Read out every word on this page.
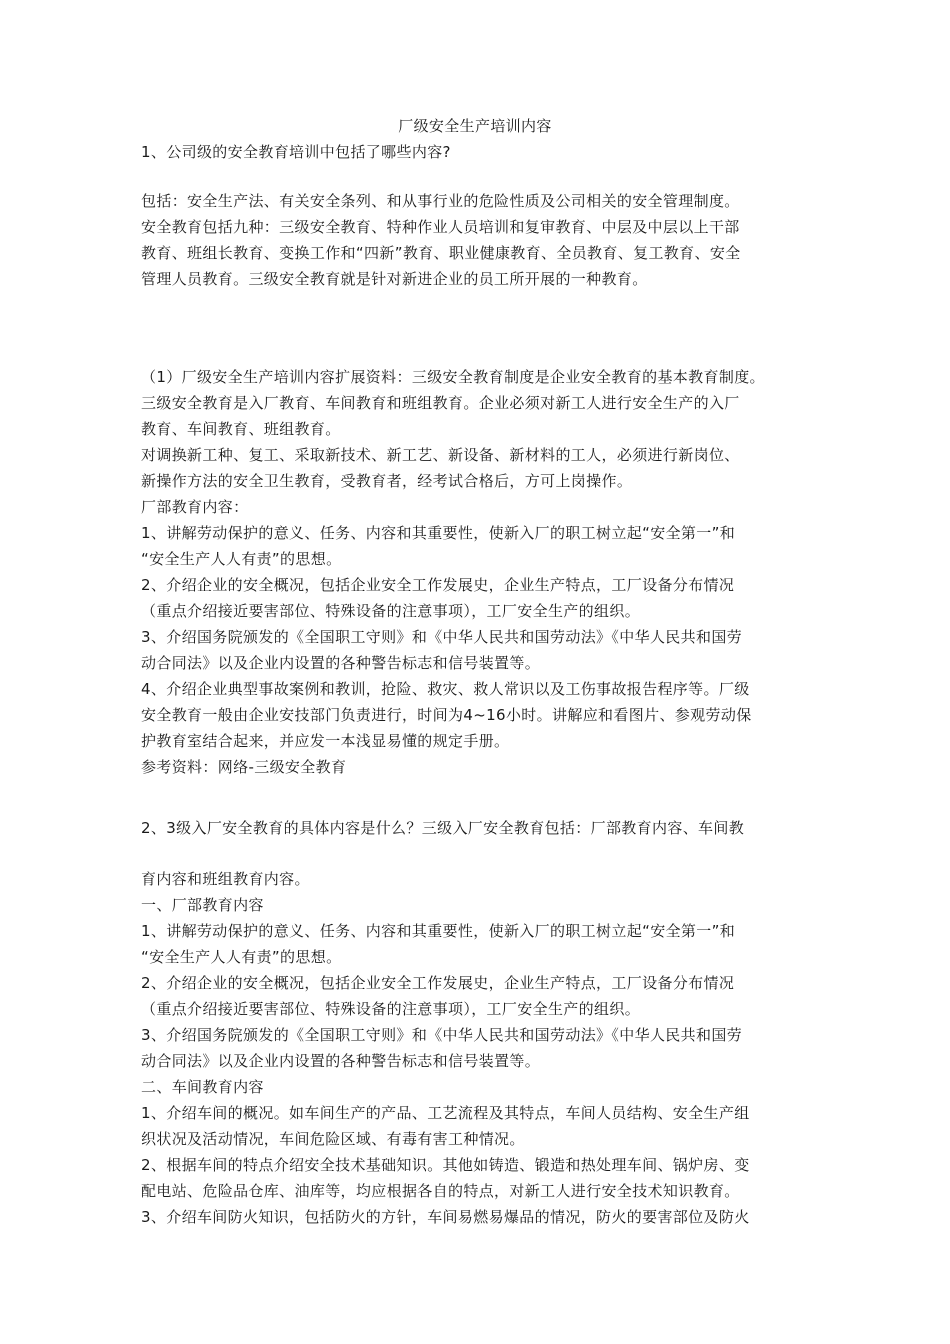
厂级安全生产培训内容
1、公司级的安全教育培训中包括了哪些内容?
包括：安全生产法、有关安全条列、和从事行业的危险性质及公司相关的安全管理制度。
安全教育包括九种：三级安全教育、特种作业人员培训和复审教育、中层及中层以上干部
教育、班组长教育、变换工作和“四新”教育、职业健康教育、全员教育、复工教育、安全
管理人员教育。三级安全教育就是针对新进企业的员工所开展的一种教育。
（1）厂级安全生产培训内容扩展资料：三级安全教育制度是企业安全教育的基本教育制度。
三级安全教育是入厂教育、车间教育和班组教育。企业必须对新工人进行安全生产的入厂
教育、车间教育、班组教育。
对调换新工种、复工、采取新技术、新工艺、新设备、新材料的工人，必须进行新岗位、
新操作方法的安全卫生教育，受教育者，经考试合格后，方可上岗操作。
厂部教育内容：
1、讲解劳动保护的意义、任务、内容和其重要性，使新入厂的职工树立起“安全第一”和
“安全生产人人有责”的思想。
2、介绍企业的安全概况，包括企业安全工作发展史，企业生产特点，工厂设备分布情况
（重点介绍接近要害部位、特殊设备的注意事项），工厂安全生产的组织。
3、介绍国务院颁发的《全国职工守则》和《中华人民共和国劳动法》《中华人民共和国劳
动合同法》以及企业内设置的各种警告标志和信号装置等。
4、介绍企业典型事故案例和教训，抢险、救灾、救人常识以及工伤事故报告程序等。厂级
安全教育一般由企业安技部门负责进行，时间为4~16小时。讲解应和看图片、参观劳动保
护教育室结合起来，并应发一本浅显易懂的规定手册。
参考资料：网络-三级安全教育
2、3级入厂安全教育的具体内容是什么？三级入厂安全教育包括：厂部教育内容、车间教
育内容和班组教育内容。
一、厂部教育内容
1、讲解劳动保护的意义、任务、内容和其重要性，使新入厂的职工树立起“安全第一”和
“安全生产人人有责”的思想。
2、介绍企业的安全概况，包括企业安全工作发展史，企业生产特点，工厂设备分布情况
（重点介绍接近要害部位、特殊设备的注意事项），工厂安全生产的组织。
3、介绍国务院颁发的《全国职工守则》和《中华人民共和国劳动法》《中华人民共和国劳
动合同法》以及企业内设置的各种警告标志和信号装置等。
二、车间教育内容
1、介绍车间的概况。如车间生产的产品、工艺流程及其特点，车间人员结构、安全生产组
织状况及活动情况，车间危险区域、有毒有害工种情况。
2、根据车间的特点介绍安全技术基础知识。其他如铸造、锻造和热处理车间、锅炉房、变
配电站、危险品仓库、油库等，均应根据各自的特点，对新工人进行安全技术知识教育。
3、介绍车间防火知识，包括防火的方针，车间易燃易爆品的情况，防火的要害部位及防火
